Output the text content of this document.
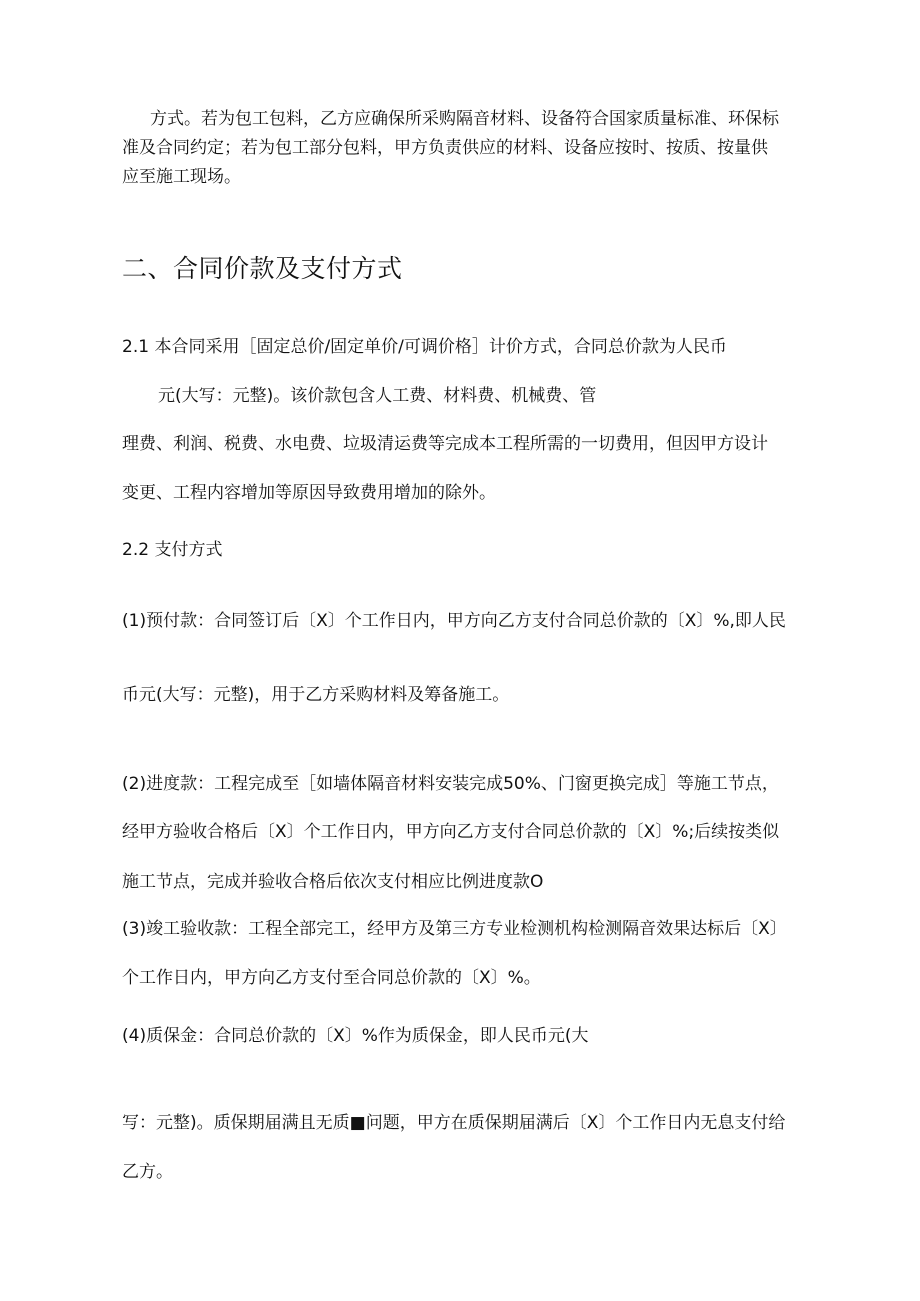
方式。若为包工包料，乙方应确保所采购隔音材料、设备符合国家质量标准、环保标
准及合同约定；若为包工部分包料，甲方负责供应的材料、设备应按时、按质、按量供
应至施工现场。
二、合同价款及支付方式
2.1 本合同采用［固定总价/固定单价/可调价格］计价方式，合同总价款为人民币
元(大写：元整)。该价款包含人工费、材料费、机械费、管
理费、利润、税费、水电费、垃圾清运费等完成本工程所需的一切费用，但因甲方设计
变更、工程内容增加等原因导致费用增加的除外。
2.2 支付方式
(1)预付款：合同签订后〔X〕个工作日内，甲方向乙方支付合同总价款的〔X〕%,即人民
币元(大写：元整)，用于乙方采购材料及筹备施工。
(2)进度款：工程完成至［如墙体隔音材料安装完成50%、门窗更换完成］等施工节点，
经甲方验收合格后〔X〕个工作日内，甲方向乙方支付合同总价款的〔X〕%;后续按类似
施工节点，完成并验收合格后依次支付相应比例进度款O
(3)竣工验收款：工程全部完工，经甲方及第三方专业检测机构检测隔音效果达标后〔X〕
个工作日内，甲方向乙方支付至合同总价款的〔X〕%。
(4)质保金：合同总价款的〔X〕%作为质保金，即人民币元(大
写：元整)。质保期届满且无质■问题，甲方在质保期届满后〔X〕个工作日内无息支付给
乙方。
